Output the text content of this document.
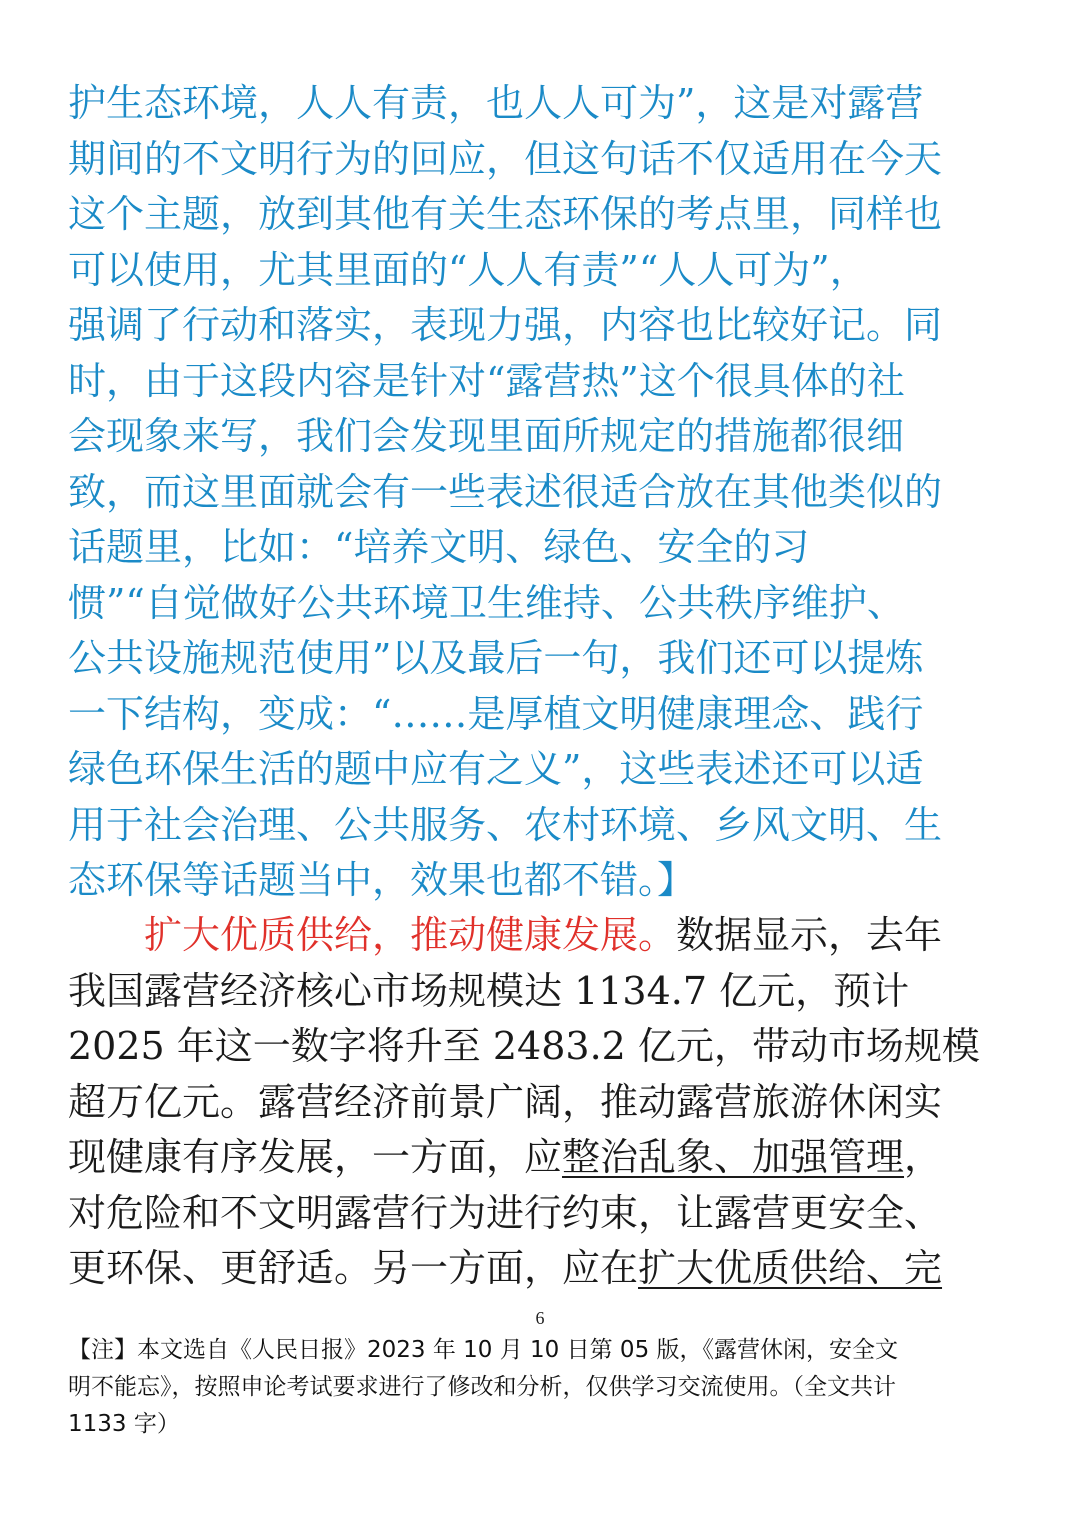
护生态环境，人人有责，也人人可为”，这是对露营
期间的不文明行为的回应，但这句话不仅适用在今天
这个主题，放到其他有关生态环保的考点里，同样也
可以使用，尤其里面的“人人有责”“人人可为”，
强调了行动和落实，表现力强，内容也比较好记。同
时，由于这段内容是针对“露营热”这个很具体的社
会现象来写，我们会发现里面所规定的措施都很细
致，而这里面就会有一些表述很适合放在其他类似的
话题里，比如：“培养文明、绿色、安全的习
惯”“自觉做好公共环境卫生维持、公共秩序维护、
公共设施规范使用”以及最后一句，我们还可以提炼
一下结构，变成：“……是厚植文明健康理念、践行
绿色环保生活的题中应有之义”，这些表述还可以适
用于社会治理、公共服务、农村环境、乡风文明、生
态环保等话题当中，效果也都不错。】
扩大优质供给，推动健康发展。数据显示，去年
我国露营经济核心市场规模达 1134.7 亿元，预计
2025 年这一数字将升至 2483.2 亿元，带动市场规模
超万亿元。露营经济前景广阔，推动露营旅游休闲实
现健康有序发展，一方面，应整治乱象、加强管理，
对危险和不文明露营行为进行约束，让露营更安全、
更环保、更舒适。另一方面，应在扩大优质供给、完
6
【注】本文选自《人民日报》2023 年 10 月 10 日第 05 版，《露营休闲，安全文
明不能忘》，按照申论考试要求进行了修改和分析，仅供学习交流使用。（全文共计
1133 字）
